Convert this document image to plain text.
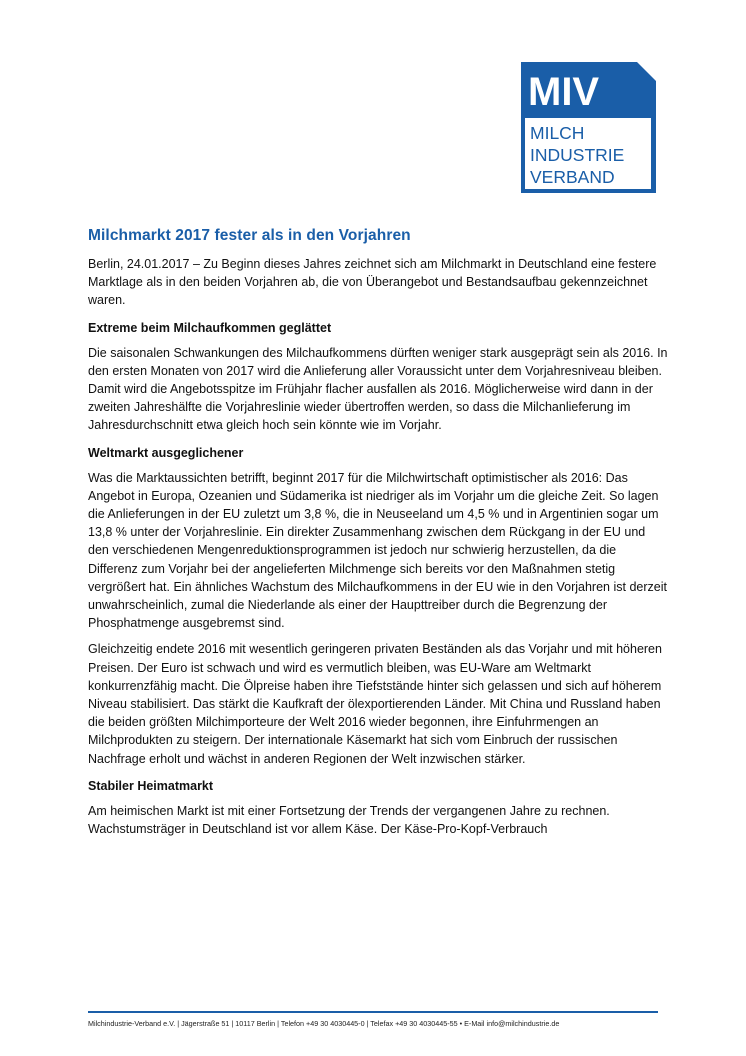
MIV
MILCH
INDUSTRIE
VERBAND
Milchmarkt 2017 fester als in den Vorjahren

Berlin, 24.01.2017 – Zu Beginn dieses Jahres zeichnet sich am Milchmarkt in Deutschland eine festere Marktlage als in den beiden Vorjahren ab, die von Überangebot und Bestandsaufbau gekennzeichnet waren.

Extreme beim Milchaufkommen geglättet

Die saisonalen Schwankungen des Milchaufkommens dürften weniger stark ausgeprägt sein als 2016. In den ersten Monaten von 2017 wird die Anlieferung aller Voraussicht unter dem Vorjahresniveau bleiben. Damit wird die Angebotsspitze im Frühjahr flacher ausfallen als 2016. Möglicherweise wird dann in der zweiten Jahreshälfte die Vorjahreslinie wieder übertroffen werden, so dass die Milchanlieferung im Jahresdurchschnitt etwa gleich hoch sein könnte wie im Vorjahr.

Weltmarkt ausgeglichener

Was die Marktaussichten betrifft, beginnt 2017 für die Milchwirtschaft optimistischer als 2016: Das Angebot in Europa, Ozeanien und Südamerika ist niedriger als im Vorjahr um die gleiche Zeit. So lagen die Anlieferungen in der EU zuletzt um 3,8 %, die in Neuseeland um 4,5 % und in Argentinien sogar um 13,8 % unter der Vorjahreslinie. Ein direkter Zusammenhang zwischen dem Rückgang in der EU und den verschiedenen Mengenreduktionsprogrammen ist jedoch nur schwierig herzustellen, da die Differenz zum Vorjahr bei der angelieferten Milchmenge sich bereits vor den Maßnahmen stetig vergrößert hat. Ein ähnliches Wachstum des Milchaufkommens in der EU wie in den Vorjahren ist derzeit unwahrscheinlich, zumal die Niederlande als einer der Haupttreiber durch die Begrenzung der Phosphatmenge ausgebremst sind.

Gleichzeitig endete 2016 mit wesentlich geringeren privaten Beständen als das Vorjahr und mit höheren Preisen. Der Euro ist schwach und wird es vermutlich bleiben, was EU-Ware am Weltmarkt konkurrenzfähig macht. Die Ölpreise haben ihre Tiefststände hinter sich gelassen und sich auf höherem Niveau stabilisiert. Das stärkt die Kaufkraft der ölexportierenden Länder. Mit China und Russland haben die beiden größten Milchimporteure der Welt 2016 wieder begonnen, ihre Einfuhrmengen an Milchprodukten zu steigern. Der internationale Käsemarkt hat sich vom Einbruch der russischen Nachfrage erholt und wächst in anderen Regionen der Welt inzwischen stärker.

Stabiler Heimatmarkt

Am heimischen Markt ist mit einer Fortsetzung der Trends der vergangenen Jahre zu rechnen. Wachstumsträger in Deutschland ist vor allem Käse. Der Käse-Pro-Kopf-Verbrauch

Milchindustrie-Verband e.V. | Jägerstraße 51 | 10117 Berlin | Telefon +49 30 4030445-0 | Telefax +49 30 4030445-55 • E-Mail info@milchindustrie.de
